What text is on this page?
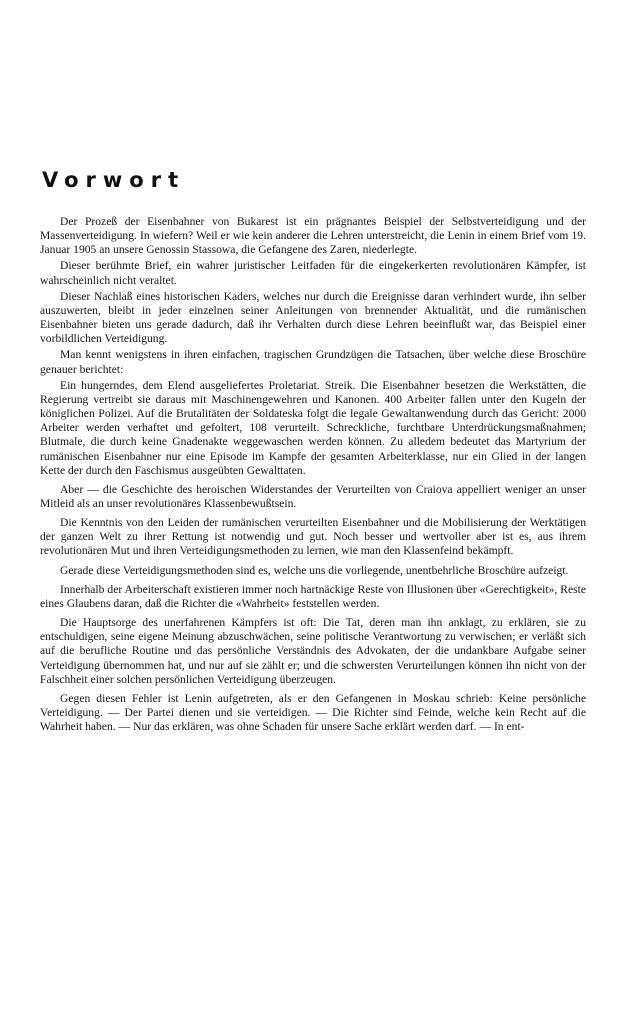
Vorwort

Der Prozeß der Eisenbahner von Bukarest ist ein prägnantes Beispiel der Selbstverteidigung und der Massenverteidigung. In wiefern? Weil er wie kein anderer die Lehren unterstreicht, die Lenin in einem Brief vom 19. Januar 1905 an unsere Genossin Stassowa, die Gefangene des Zaren, niederlegte.

Dieser berühmte Brief, ein wahrer juristischer Leitfaden für die eingekerkerten revolutionären Kämpfer, ist wahrscheinlich nicht veraltet.

Dieser Nachlaß eines historischen Kaders, welches nur durch die Ereignisse daran verhindert wurde, ihn selber auszuwerten, bleibt in jeder einzelnen seiner Anleitungen von brennender Aktualität, und die rumänischen Eisenbahner bieten uns gerade dadurch, daß ihr Verhalten durch diese Lehren beeinflußt war, das Beispiel einer vorbildlichen Verteidigung.

Man kennt wenigstens in ihren einfachen, tragischen Grundzügen die Tatsachen, über welche diese Broschüre genauer berichtet:

Ein hungerndes, dem Elend ausgeliefertes Proletariat. Streik. Die Eisenbahner besetzen die Werkstätten, die Regierung vertreibt sie daraus mit Maschinengewehren und Kanonen. 400 Arbeiter fallen unter den Kugeln der königlichen Polizei. Auf die Brutalitäten der Soldateska folgt die legale Gewaltanwendung durch das Gericht: 2000 Arbeiter werden verhaftet und gefoltert, 108 verurteilt. Schreckliche, furchtbare Unterdrückungsmaßnahmen; Blutmale, die durch keine Gnadenakte weggewaschen werden können. Zu alledem bedeutet das Martyrium der rumänischen Eisenbahner nur eine Episode im Kampfe der gesamten Arbeiterklasse, nur ein Glied in der langen Kette der durch den Faschismus ausgeübten Gewalttaten.

Aber — die Geschichte des heroischen Widerstandes der Verurteilten von Craiova appelliert weniger an unser Mitleid als an unser revolutionäres Klassenbewußtsein.

Die Kenntnis von den Leiden der rumänischen verurteilten Eisenbahner und die Mobilisierung der Werktätigen der ganzen Welt zu ihrer Rettung ist notwendig und gut. Noch besser und wertvoller aber ist es, aus ihrem revolutionären Mut und ihren Verteidigungsmethoden zu lernen, wie man den Klassenfeind bekämpft.

Gerade diese Verteidigungsmethoden sind es, welche uns die vorliegende, unentbehrliche Broschüre aufzeigt.

Innerhalb der Arbeiterschaft existieren immer noch hartnäckige Reste von Illusionen über «Gerechtigkeit», Reste eines Glaubens daran, daß die Richter die «Wahrheit» feststellen werden.

Die Hauptsorge des unerfahrenen Kämpfers ist oft: Die Tat, deren man ihn anklagt, zu erklären, sie zu entschuldigen, seine eigene Meinung abzuschwächen, seine politische Verantwortung zu verwischen; er verläßt sich auf die berufliche Routine und das persönliche Verständnis des Advokaten, der die undankbare Aufgabe seiner Verteidigung übernommen hat, und nur auf sie zählt er; und die schwersten Verurteilungen können ihn nicht von der Falschheit einer solchen persönlichen Verteidigung überzeugen.

Gegen diesen Fehler ist Lenin aufgetreten, als er den Gefangenen in Moskau schrieb: Keine persönliche Verteidigung. — Der Partei dienen und sie verteidigen. — Die Richter sind Feinde, welche kein Recht auf die Wahrheit haben. — Nur das erklären, was ohne Schaden für unsere Sache erklärt werden darf. — In ent-
